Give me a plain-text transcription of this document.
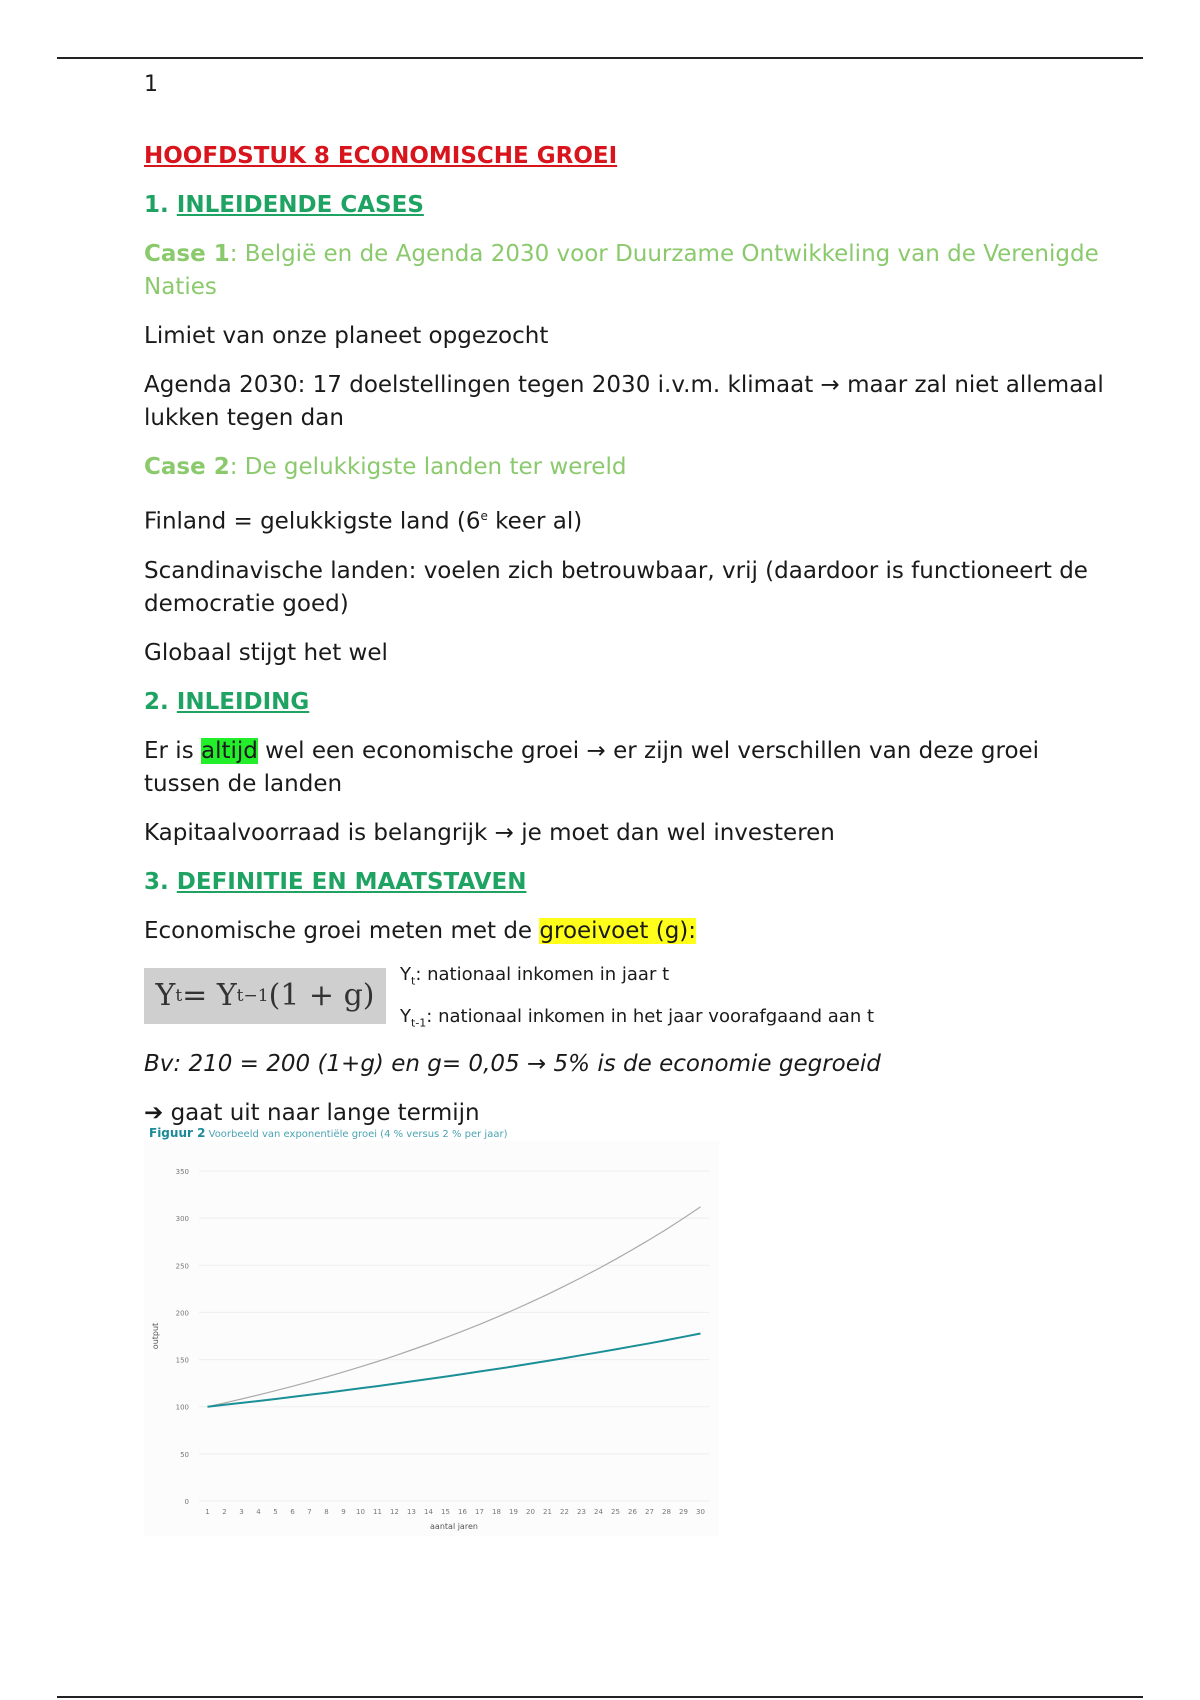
1

HOOFDSTUK 8 ECONOMISCHE GROEI

1. INLEIDENDE CASES

Case 1: België en de Agenda 2030 voor Duurzame Ontwikkeling van de Verenigde Naties

Limiet van onze planeet opgezocht

Agenda 2030: 17 doelstellingen tegen 2030 i.v.m. klimaat → maar zal niet allemaal lukken tegen dan

Case 2: De gelukkigste landen ter wereld

Finland = gelukkigste land (6e keer al)

Scandinavische landen: voelen zich betrouwbaar, vrij (daardoor is functioneert de democratie goed)

Globaal stijgt het wel

2. INLEIDING

Er is altijd wel een economische groei → er zijn wel verschillen van deze groei tussen de landen

Kapitaalvoorraad is belangrijk → je moet dan wel investeren

3. DEFINITIE EN MAATSTAVEN

Economische groei meten met de groeivoet (g):

Y t = Y t−1 (1 + g)
$Y_t$: nationaal inkomen in jaar t
$Y_{t-1}$: nationaal inkomen in het jaar voorafgaand aan t

Bv: 210 = 200 (1+g) en g= 0,05 → 5% is de economie gegroeid

➔ gaat uit naar lange termijn

Figuur 2 Voorbeeld van exponentiële groei (4 % versus 2 % per jaar)
0
50
100
150
200
250
300
350
1 2 3 4 5 6 7 8 9 10 11 12 13 14 15 16 17 18 19 20 21 22 23 24 25 26 27 28 29 30
output
aantal jaren
